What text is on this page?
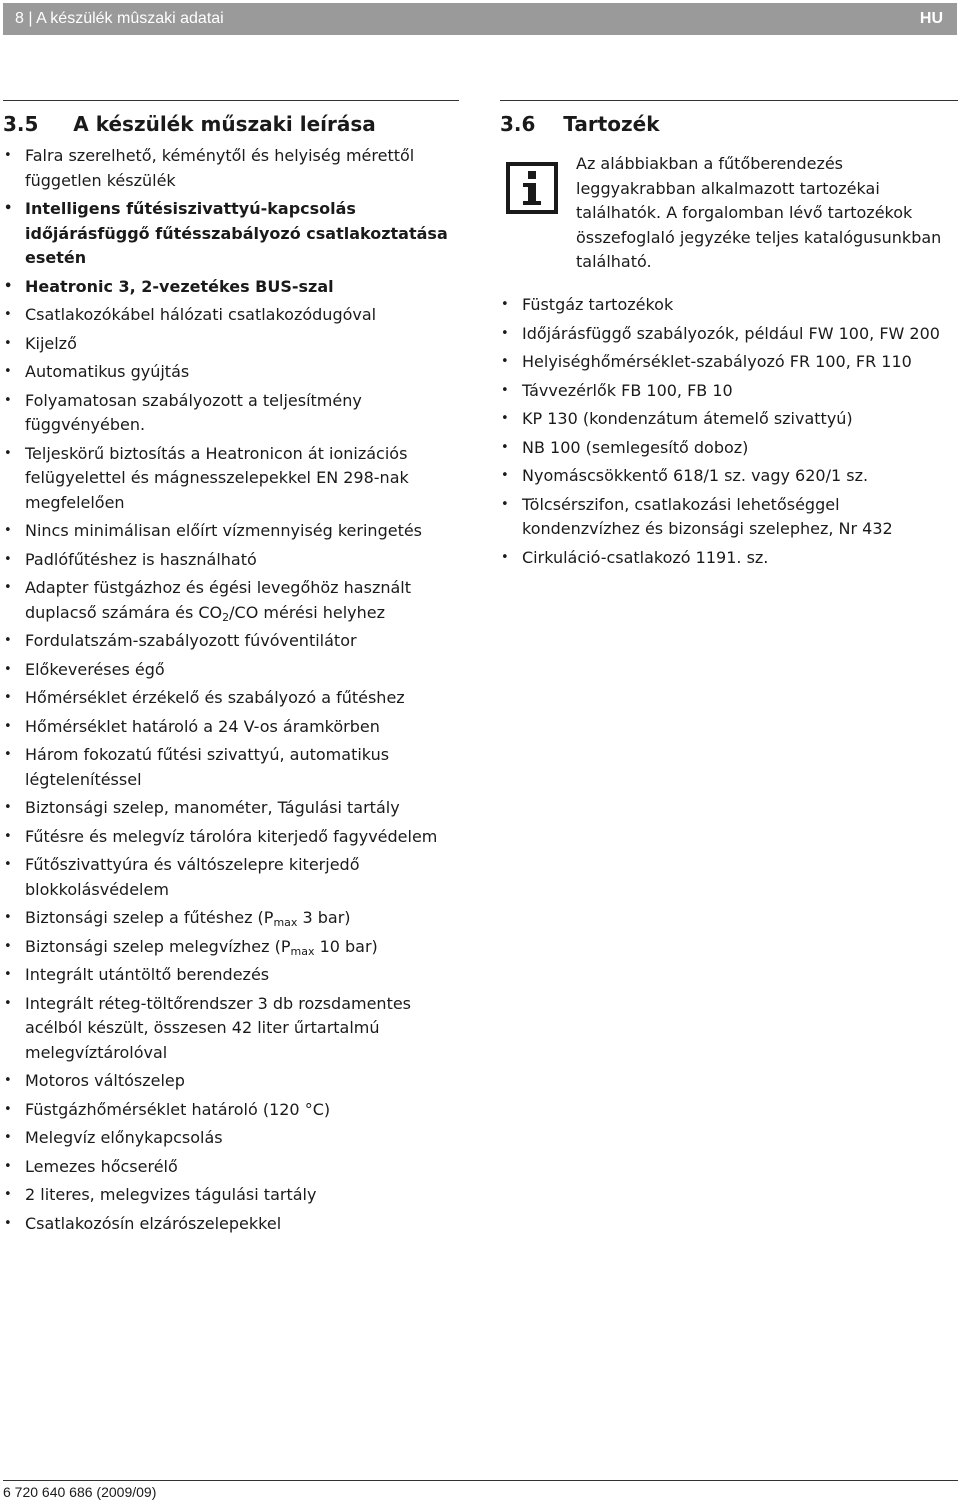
8 | A készülék mûszaki adatai	HU
3.5 A készülék műszaki leírása
• Falra szerelhető, kéménytől és helyiség mérettől független készülék
• Intelligens fűtésiszivattyú-kapcsolás időjárásfüggő fűtésszabályozó csatlakoztatása esetén
• Heatronic 3, 2-vezetékes BUS-szal
• Csatlakozókábel hálózati csatlakozódugóval
• Kijelző
• Automatikus gyújtás
• Folyamatosan szabályozott a teljesítmény függvényében.
• Teljeskörű biztosítás a Heatronicon át ionizációs felügyelettel és mágnesszelepekkel EN 298-nak megfelelően
• Nincs minimálisan előírt vízmennyiség keringetés
• Padlófűtéshez is használható
• Adapter füstgázhoz és égési levegőhöz használt duplacső számára és $CO_2/CO$ mérési helyhez
• Fordulatszám-szabályozott fúvóventilátor
• Előkeveréses égő
• Hőmérséklet érzékelő és szabályozó a fűtéshez
• Hőmérséklet határoló a 24 V-os áramkörben
• Három fokozatú fűtési szivattyú, automatikus légtelenítéssel
• Biztonsági szelep, manométer, Tágulási tartály
• Fűtésre és melegvíz tárolóra kiterjedő fagyvédelem
• Fűtőszivattyúra és váltószelepre kiterjedő blokkolásvédelem
• Biztonsági szelep a fűtéshez ($P_{max}$ 3 bar)
• Biztonsági szelep melegvízhez ($P_{max}$ 10 bar)
• Integrált utántöltő berendezés
• Integrált réteg-töltőrendszer 3 db rozsdamentes acélból készült, összesen 42 liter űrtartalmú melegvíztárolóval
• Motoros váltószelep
• Füstgázhőmérséklet határoló (120 °C)
• Melegvíz előnykapcsolás
• Lemezes hőcserélő
• 2 literes, melegvizes tágulási tartály
• Csatlakozósín elzárószelepekkel
3.6 Tartozék

Az alábbiakban a fűtőberendezés leggyakrabban alkalmazott tartozékai találhatók. A forgalomban lévő tartozékok összefoglaló jegyzéke teljes katalógusunkban található.

• Füstgáz tartozékok
• Időjárásfüggő szabályozók, például FW 100, FW 200
• Helyiséghőmérséklet-szabályozó FR 100, FR 110
• Távvezérlők FB 100, FB 10
• KP 130 (kondenzátum átemelő szivattyú)
• NB 100 (semlegesítő doboz)
• Nyomáscsökkentő 618/1 sz. vagy 620/1 sz.
• Tölcsérszifon, csatlakozási lehetőséggel kondenzvízhez és bizonsági szelephez, Nr 432
• Cirkuláció-csatlakozó 1191. sz.
6 720 640 686 (2009/09)
